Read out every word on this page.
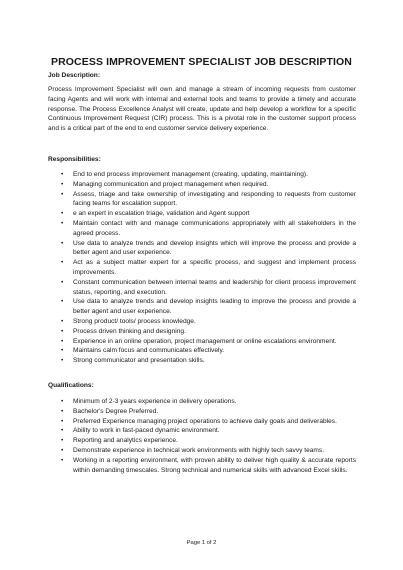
PROCESS IMPROVEMENT SPECIALIST JOB DESCRIPTION
Job Description:
Process Improvement Specialist will own and manage a stream of incoming requests from customer facing Agents and will work with internal and external tools and teams to provide a timely and accurate response. The Process Excellence Analyst will create, update and help develop a workflow for a specific Continuous Improvement Request (CIR) process. This is a pivotal role in the customer support process and is a critical part of the end to end customer service delivery experience.
Responsibilities:
• End to end process improvement management (creating, updating, maintaining).
• Managing communication and project management when required.
• Assess, triage and take ownership of investigating and responding to requests from customer facing teams for escalation support.
• e an expert in escalation triage, validation and Agent support
• Maintain contact with and manage communications appropriately with all stakeholders in the agreed process.
• Use data to analyze trends and develop insights which will improve the process and provide a better agent and user experience.
• Act as a subject matter expert for a specific process, and suggest and implement process improvements.
• Constant communication between internal teams and leadership for client process improvement status, reporting, and execution.
• Use data to analyze trends and develop insights leading to improve the process and provide a better agent and user experience.
• Strong product/ tools/ process knowledge.
• Process driven thinking and designing.
• Experience in an online operation, project management or online escalations environment.
• Maintains calm focus and communicates effectively.
• Strong communicator and presentation skills.
Qualifications:
• Minimum of 2-3 years experience in delivery operations.
• Bachelor's Degree Preferred.
• Preferred Experience managing project operations to achieve daily goals and deliverables.
• Ability to work in fast-paced dynamic environment.
• Reporting and analytics experience.
• Demonstrate experience in technical work environments with highly tech savvy teams.
• Working in a reporting environment, with proven ability to deliver high quality & accurate reports within demanding timescales. Strong technical and numerical skills with advanced Excel skills.
Page 1 of 2
